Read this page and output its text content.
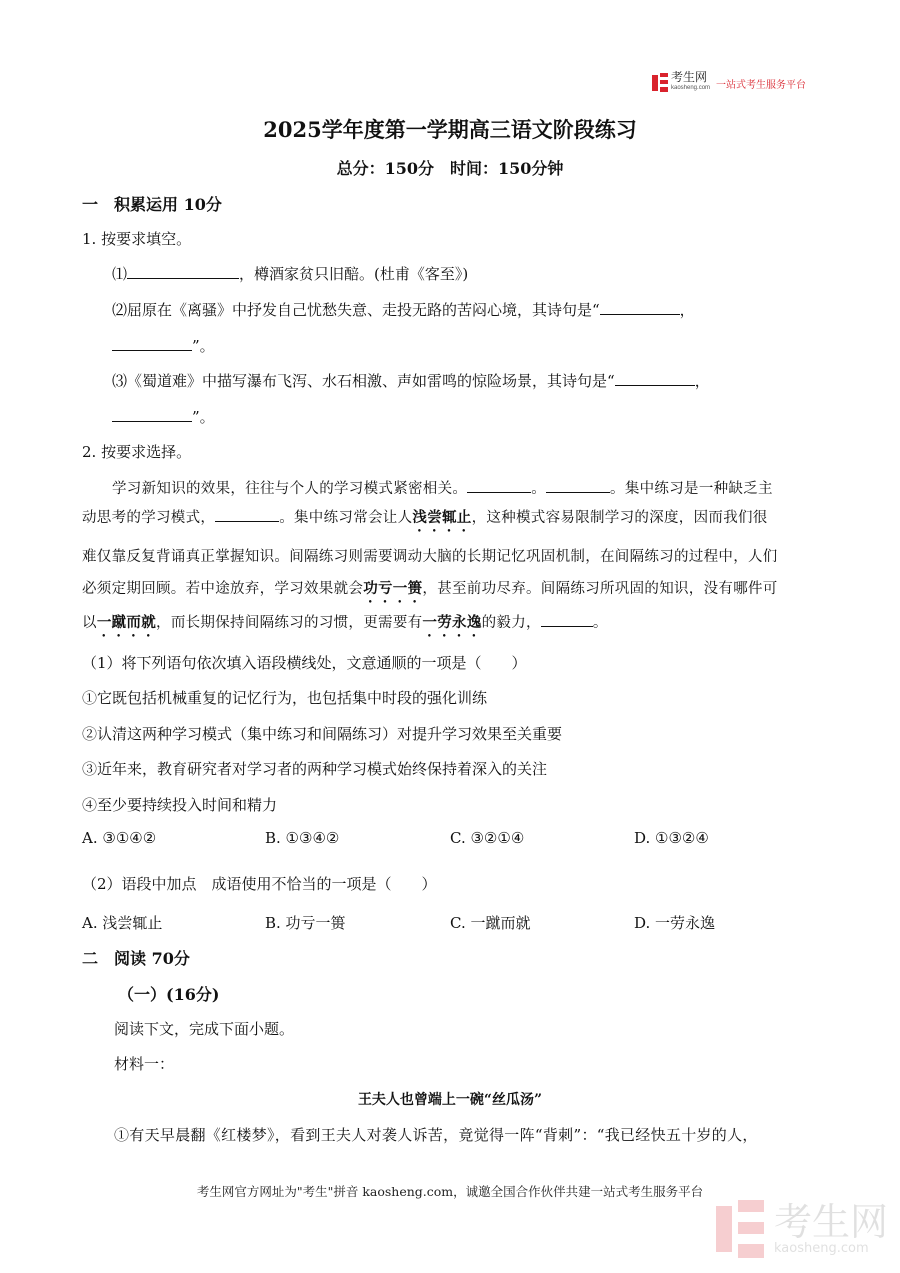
考生网
kaosheng.com 一站式考生服务平台
2025学年度第一学期高三语文阶段练习
总分：150分　时间：150分钟
一　积累运用 10分
1. 按要求填空。
⑴	，樽酒家贫只旧醅。(杜甫《客至》)
⑵屈原在《离骚》中抒发自己忧愁失意、走投无路的苦闷心境，其诗句是“	，
”。
⑶《蜀道难》中描写瀑布飞泻、水石相激、声如雷鸣的惊险场景，其诗句是“	，
”。
2. 按要求选择。
学习新知识的效果，往往与个人的学习模式紧密相关。	。	。集中练习是一种缺乏主
动思考的学习模式，	。集中练习常会让人浅尝辄止，这种模式容易限制学习的深度，因而我们很
难仅靠反复背诵真正掌握知识。间隔练习则需要调动大脑的长期记忆巩固机制，在间隔练习的过程中，人们
必须定期回顾。若中途放弃，学习效果就会功亏一篑，甚至前功尽弃。间隔练习所巩固的知识，没有哪件可
以一蹴而就，而长期保持间隔练习的习惯，更需要有一劳永逸的毅力，	。
（1）将下列语句依次填入语段横线处，文意通顺的一项是（　　）
①它既包括机械重复的记忆行为，也包括集中时段的强化训练
②认清这两种学习模式（集中练习和间隔练习）对提升学习效果至关重要
③近年来，教育研究者对学习者的两种学习模式始终保持着深入的关注
④至少要持续投入时间和精力
A. ③①④②	B. ①③④②	C. ③②①④	D. ①③②④
（2）语段中加点　成语使用不恰当的一项是（　　）
A. 浅尝辄止	B. 功亏一篑	C. 一蹴而就	D. 一劳永逸
二　阅读 70分
（一）(16分)
阅读下文，完成下面小题。
材料一：
王夫人也曾端上一碗“丝瓜汤”
①有天早晨翻《红楼梦》，看到王夫人对袭人诉苦，竟觉得一阵“背刺”：“我已经快五十岁的人，
考生网官方网址为"考生"拼音 kaosheng.com，诚邀全国合作伙伴共建一站式考生服务平台
考生网
kaosheng.com
